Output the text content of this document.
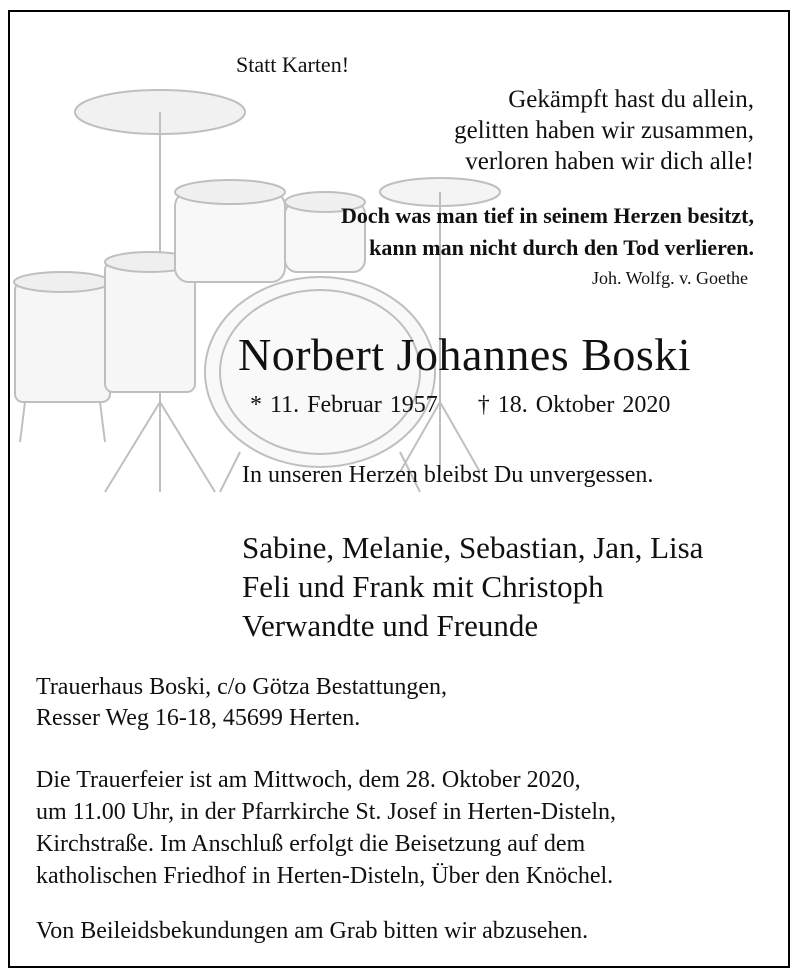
Statt Karten!
Gekämpft hast du allein,
gelitten haben wir zusammen,
verloren haben wir dich alle!
Doch was man tief in seinem Herzen besitzt,
kann man nicht durch den Tod verlieren.
Joh. Wolfg. v. Goethe
Norbert Johannes Boski
* 11. Februar 1957 † 18. Oktober 2020
In unseren Herzen bleibst Du unvergessen.
Sabine, Melanie, Sebastian, Jan, Lisa
Feli und Frank mit Christoph
Verwandte und Freunde
Trauerhaus Boski, c/o Götza Bestattungen,
Resser Weg 16-18, 45699 Herten.
Die Trauerfeier ist am Mittwoch, dem 28. Oktober 2020,
um 11.00 Uhr, in der Pfarrkirche St. Josef in Herten-Disteln,
Kirchstraße. Im Anschluß erfolgt die Beisetzung auf dem
katholischen Friedhof in Herten-Disteln, Über den Knöchel.
Von Beileidsbekundungen am Grab bitten wir abzusehen.
